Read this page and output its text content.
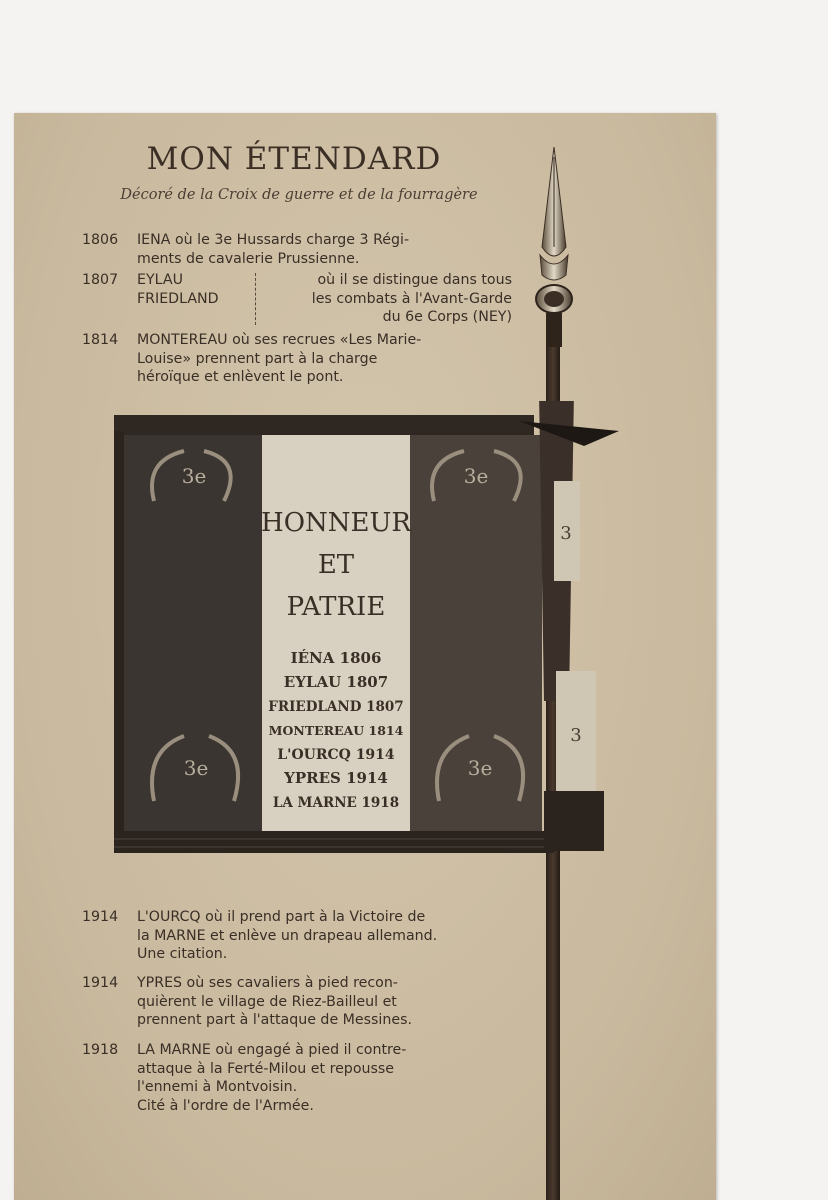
MON ÉTENDARD
Décoré de la Croix de guerre et de la fourragère
1806 IENA où le 3e Hussards charge 3 Régi-
ments de cavalerie Prussienne.
1807 EYLAU
FRIEDLAND
où il se distingue dans tous
les combats à l'Avant-Garde
du 6e Corps (NEY)
1814 MONTEREAU où ses recrues «Les Marie-
Louise» prennent part à la charge
héroïque et enlèvent le pont.
3e	3e
3e	3e
HONNEUR
ET
PATRIE
IÉNA 1806
EYLAU 1807
FRIEDLAND 1807
MONTEREAU 1814
L'OURCQ 1914
YPRES 1914
LA MARNE 1918
3
3
1914 L'OURCQ où il prend part à la Victoire de
la MARNE et enlève un drapeau allemand.
Une citation.
1914 YPRES où ses cavaliers à pied recon-
quièrent le village de Riez-Bailleul et
prennent part à l'attaque de Messines.
1918 LA MARNE où engagé à pied il contre-
attaque à la Ferté-Milou et repousse
l'ennemi à Montvoisin.
Cité à l'ordre de l'Armée.
